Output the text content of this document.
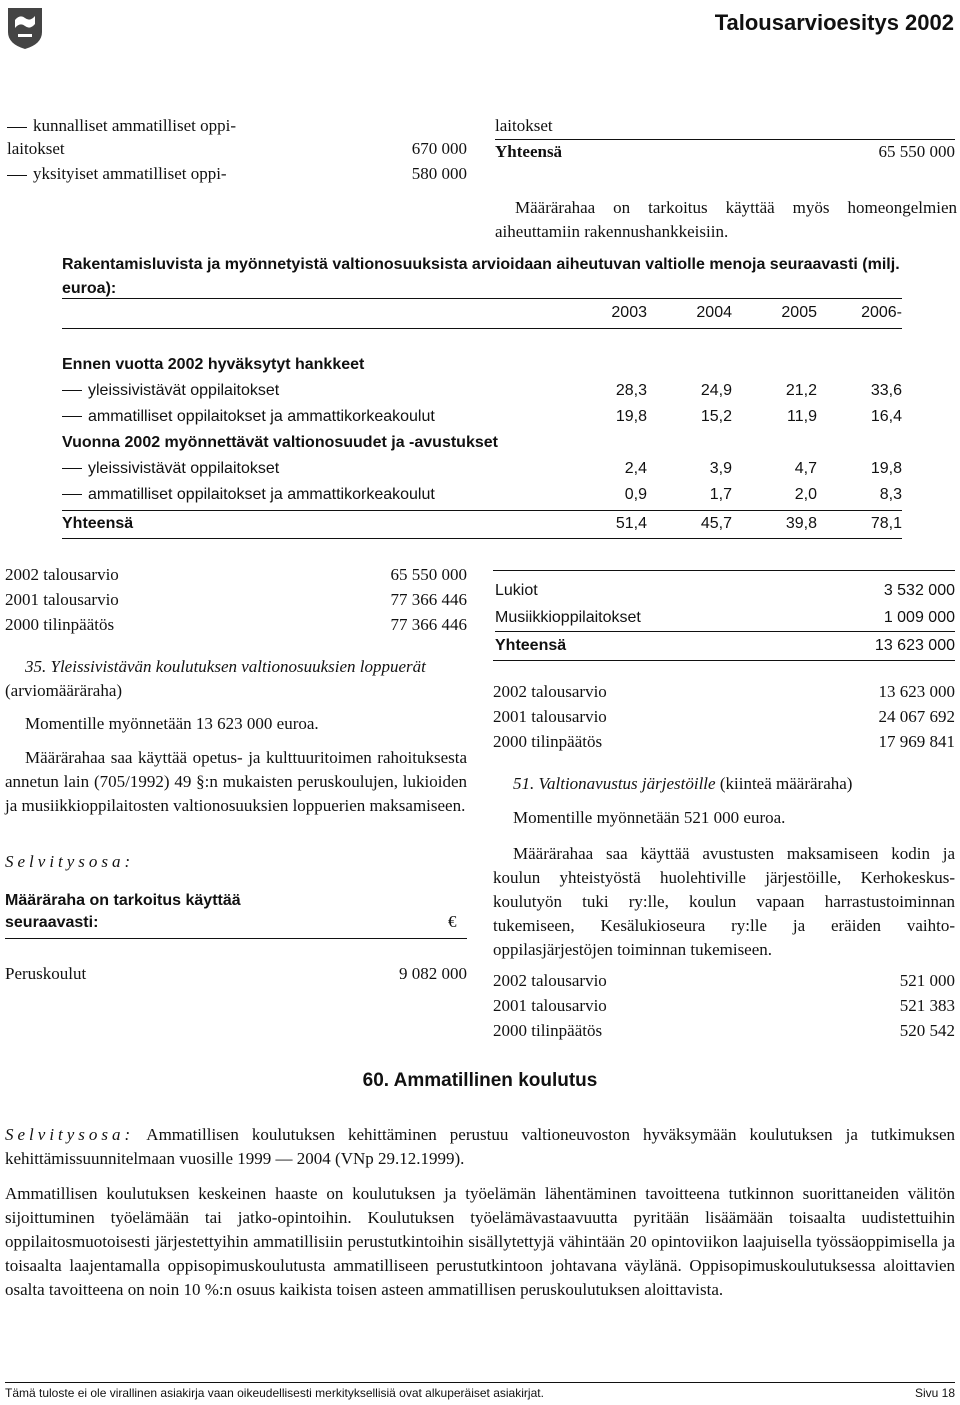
Talousarvioesitys 2002
kunnalliset ammatilliset oppi-
laitokset	670 000
yksityiset ammatilliset oppi-	580 000
laitokset
Yhteensä	65 550 000

Määrärahaa on tarkoitus käyttää myös homeongelmien aiheuttamiin rakennushankkeisiin.

Rakentamisluvista ja myönnetyistä valtionosuuksista arvioidaan aiheutuvan valtiolle menoja seuraavasti (milj. euroa):

2003	2004	2005	2006-
Ennen vuotta 2002 hyväksytyt hankkeet
yleissivistävät oppilaitokset	28,3	24,9	21,2	33,6
ammatilliset oppilaitokset ja ammattikorkeakoulut	19,8	15,2	11,9	16,4
Vuonna 2002 myönnettävät valtionosuudet ja -avustukset
yleissivistävät oppilaitokset	2,4	3,9	4,7	19,8
ammatilliset oppilaitokset ja ammattikorkeakoulut	0,9	1,7	2,0	8,3
Yhteensä	51,4	45,7	39,8	78,1
2002 talousarvio	65 550 000
2001 talousarvio	77 366 446
2000 tilinpäätös	77 366 446

35. Yleissivistävän koulutuksen valtionosuuksien loppuerät (arviomääräraha)

Momentille myönnetään 13 623 000 euroa.

Määrärahaa saa käyttää opetus- ja kulttuuritoimen rahoituksesta annetun lain (705/1992) 49 §:n mukaisten peruskoulujen, lukioiden ja musiikkioppilaitosten valtionosuuksien loppuerien maksamiseen.

Selvitysosa:
Määräraha on tarkoitus käyttää seuraavasti:	€
Peruskoulut	9 082 000
Lukiot	3 532 000
Musiikkioppilaitokset	1 009 000
Yhteensä	13 623 000
2002 talousarvio	13 623 000
2001 talousarvio	24 067 692
2000 tilinpäätös	17 969 841

51. Valtionavustus järjestöille (kiinteä määräraha)

Momentille myönnetään 521 000 euroa.

Määrärahaa saa käyttää avustusten maksamiseen kodin ja koulun yhteistyöstä huolehtiville järjestöille, Kerhokeskus-koulutyön tuki ry:lle, koulun vapaan harrastustoiminnan tukemiseen, Kesälukioseura ry:lle ja eräiden vaihto-oppilasjärjestöjen toiminnan tukemiseen.

2002 talousarvio	521 000
2001 talousarvio	521 383
2000 tilinpäätös	520 542
60. Ammatillinen koulutus

Selvitysosa: Ammatillisen koulutuksen kehittäminen perustuu valtioneuvoston hyväksymään koulutuksen ja tutkimuksen kehittämissuunnitelmaan vuosille 1999 — 2004 (VNp 29.12.1999).

Ammatillisen koulutuksen keskeinen haaste on koulutuksen ja työelämän lähentäminen tavoitteena tutkinnon suorittaneiden välitön sijoittuminen työelämään tai jatko-opintoihin. Koulutuksen työelämävastaavuutta pyritään lisäämään toisaalta uudistettuihin oppilaitosmuotoisesti järjestettyihin ammatillisiin perustutkintoihin sisällytettyjä vähintään 20 opintoviikon laajuisella työssäoppimisella ja toisaalta laajentamalla oppisopimuskoulutusta ammatilliseen perustutkintoon johtavana väylänä. Oppisopimuskoulutuksessa aloittavien osalta tavoitteena on noin 10 %:n osuus kaikista toisen asteen ammatillisen peruskoulutuksen aloittavista.

Tämä tuloste ei ole virallinen asiakirja vaan oikeudellisesti merkityksellisiä ovat alkuperäiset asiakirjat.	Sivu 18
